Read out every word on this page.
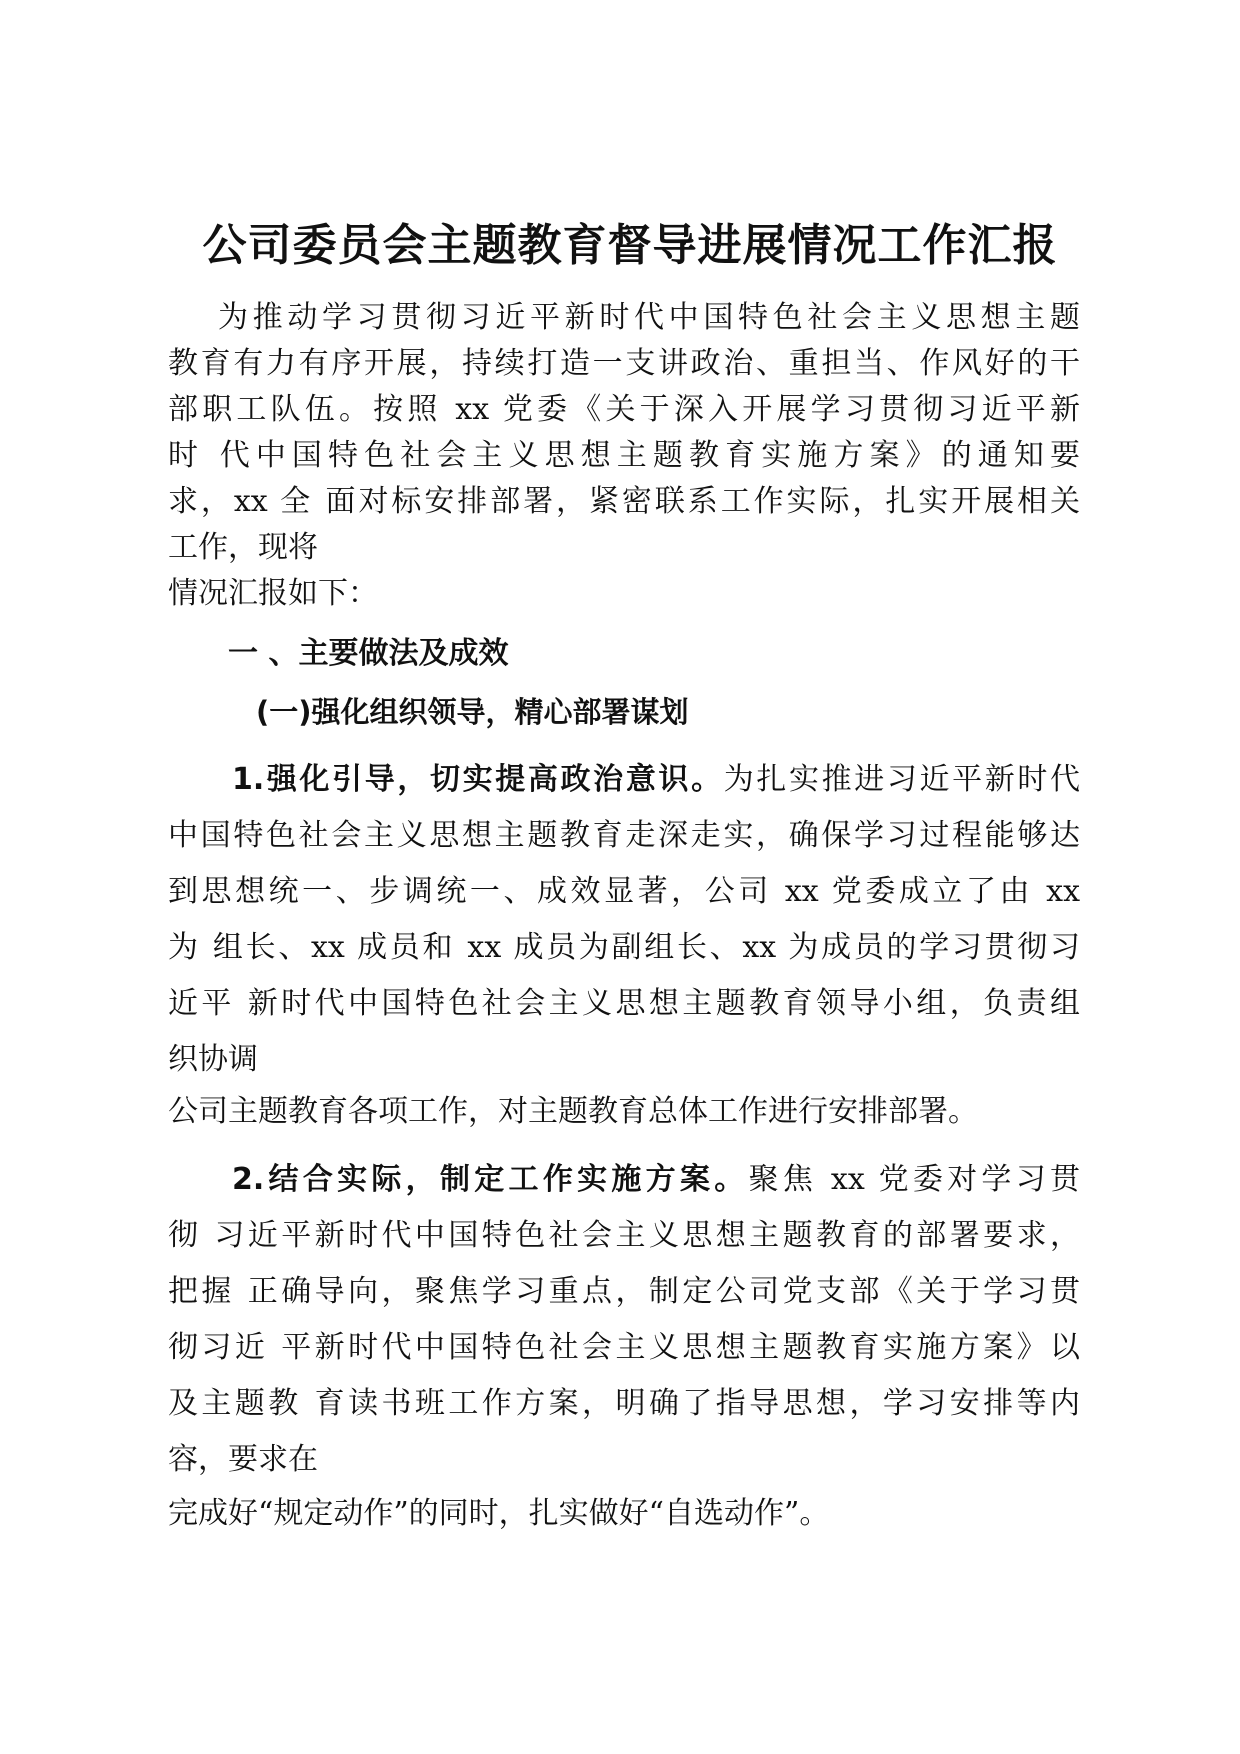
公司委员会主题教育督导进展情况工作汇报
为推动学习贯彻习近平新时代中国特色社会主义思想主题
教育有力有序开展，持续打造一支讲政治、重担当、作风好的干
部职工队伍。按照 xx 党委《关于深入开展学习贯彻习近平新
时 代中国特色社会主义思想主题教育实施方案》的通知要
求，xx 全 面对标安排部署，紧密联系工作实际，扎实开展相关
工作，现将
情况汇报如下：
一 、主要做法及成效
(一)强化组织领导，精心部署谋划
1.强化引导，切实提高政治意识。为扎实推进习近平新时代
中国特色社会主义思想主题教育走深走实，确保学习过程能够达
到思想统一、步调统一、成效显著，公司 xx 党委成立了由 xx
为 组长、xx 成员和 xx 成员为副组长、xx 为成员的学习贯彻习
近平 新时代中国特色社会主义思想主题教育领导小组，负责组
织协调
公司主题教育各项工作，对主题教育总体工作进行安排部署。
2.结合实际，制定工作实施方案。聚焦 xx 党委对学习贯
彻 习近平新时代中国特色社会主义思想主题教育的部署要求，
把握 正确导向，聚焦学习重点，制定公司党支部《关于学习贯
彻习近 平新时代中国特色社会主义思想主题教育实施方案》以
及主题教 育读书班工作方案，明确了指导思想，学习安排等内
容，要求在
完成好“规定动作”的同时，扎实做好“自选动作”。
